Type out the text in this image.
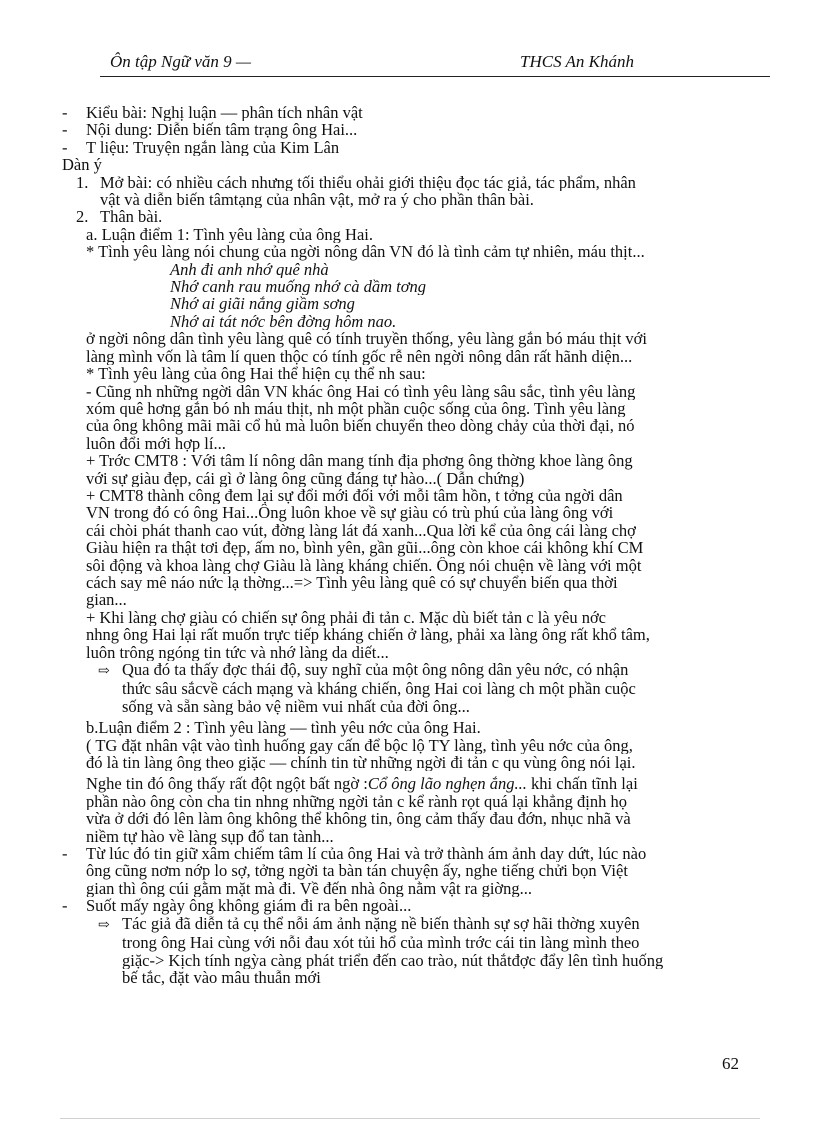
Ôn tập Ngữ văn 9 —	THCS An Khánh
- Kiểu bài: Nghị luận — phân tích nhân vật
- Nội dung: Diễn biến tâm trạng ông Hai...
- T liệu: Truyện ngắn làng của Kim Lân
Dàn ý
1. Mở bài: có nhiều cách nhưng tối thiểu ohải giới thiệu đọc tác giả, tác phẩm, nhân
vật và diễn biến tâmtạng của nhân vật, mở ra ý cho phần thân bài.
2. Thân bài.
a. Luận điểm 1: Tình yêu làng của ông Hai.
* Tình yêu làng nói chung của ngời nông dân VN đó là tình cảm tự nhiên, máu thịt...
Anh đi anh nhớ quê nhà
Nhớ canh rau muống nhớ cà dầm tơng
Nhớ ai giãi nắng giầm sơng
Nhớ ai tát nớc bên đờng hôm nao.
ở ngời nông dân tình yêu làng quê có tính truyền thống, yêu làng gắn bó máu thịt với
làng mình vốn là tâm lí quen thộc có tính gốc rễ nên ngời nông dân rất hãnh diện...
* Tình yêu làng của ông Hai thể hiện cụ thể nh sau:
- Cũng nh những ngời dân VN khác ông Hai có tình yêu làng sâu sắc, tình yêu làng
xóm quê hơng gắn bó nh máu thịt, nh một phần cuộc sống của ông. Tình yêu làng
của ông không mãi mãi cổ hủ mà luôn biến chuyển theo dòng chảy của thời đại, nó
luôn đổi mới hợp lí...
+ Trớc CMT8 : Với tâm lí nông dân mang tính địa phơng ông thờng khoe làng ông
với sự giàu đẹp, cái gì ở làng ông cũng đáng tự hào...( Dẫn chứng)
+ CMT8 thành công đem lại sự đổi mới đối với mỗi tâm hồn, t tởng của ngời dân
VN trong đó có ông Hai...Ông luôn khoe về sự giàu có trù phú của làng ông với
cái chòi phát thanh cao vút, đờng làng lát đá xanh...Qua lời kể của ông cái làng chợ
Giàu hiện ra thật tơi đẹp, ấm no, bình yên, gần gũi...ông còn khoe cái không khí CM
sôi động và khoa làng chợ Giàu là làng kháng chiến. Ông nói chuện về làng với một
cách say mê náo nức lạ thờng...=> Tình yêu làng quê có sự chuyển biến qua thời
gian...
+ Khi làng chợ giàu có chiến sự ông phải đi tản c. Mặc dù biết tản c là yêu nớc
nhng ông Hai lại rất muốn trực tiếp kháng chiến ở làng, phải xa làng ông rất khổ tâm,
luôn trông ngóng tin tức và nhớ làng da diết...
⇨ Qua đó ta thấy đợc thái độ, suy nghĩ của một ông nông dân yêu nớc, có nhận
thức sâu sắcvề cách mạng và kháng chiến, ông Hai coi làng ch một phần cuộc
sống và sẵn sàng bảo vệ niềm vui nhất của đời ông...
b.Luận điểm 2 : Tình yêu làng — tình yêu nớc của ông Hai.
( TG đặt nhân vật vào tình huống gay cấn để bộc lộ TY làng, tình yêu nớc của ông,
đó là tin làng ông theo giặc — chính tin từ những ngời đi tản c qu vùng ông nói lại.
Nghe tin đó ông thấy rất đột ngột bất ngờ :Cổ ông lão nghẹn ắng... khi chấn tĩnh lại
phần nào ông còn cha tin nhng những ngời tản c kể rành rọt quá lại khẳng định họ
vừa ở dới đó lên làm ông không thể không tin, ông cảm thấy đau đớn, nhục nhã và
niềm tự hào về làng sụp đổ tan tành...
- Từ lúc đó tin giữ xâm chiếm tâm lí của ông Hai và trở thành ám ảnh day dứt, lúc nào
ông cũng nơm nớp lo sợ, tởng ngời ta bàn tán chuyện ấy, nghe tiếng chửi bọn Việt
gian thì ông cúi gằm mặt mà đi. Về đến nhà ông nằm vật ra giờng...
- Suốt mấy ngày ông không giám đi ra bên ngoài...
⇨ Tác giả đã diễn tả cụ thể nỗi ám ảnh nặng nề biến thành sự sợ hãi thờng xuyên
trong ông Hai cùng với nỗi đau xót tủi hổ của mình trớc cái tin làng mình theo
giặc-> Kịch tính ngỳa càng phát triển đến cao trào, nút thắtđợc đẩy lên tình huống
bế tắc, đặt vào mâu thuẫn mới
62
